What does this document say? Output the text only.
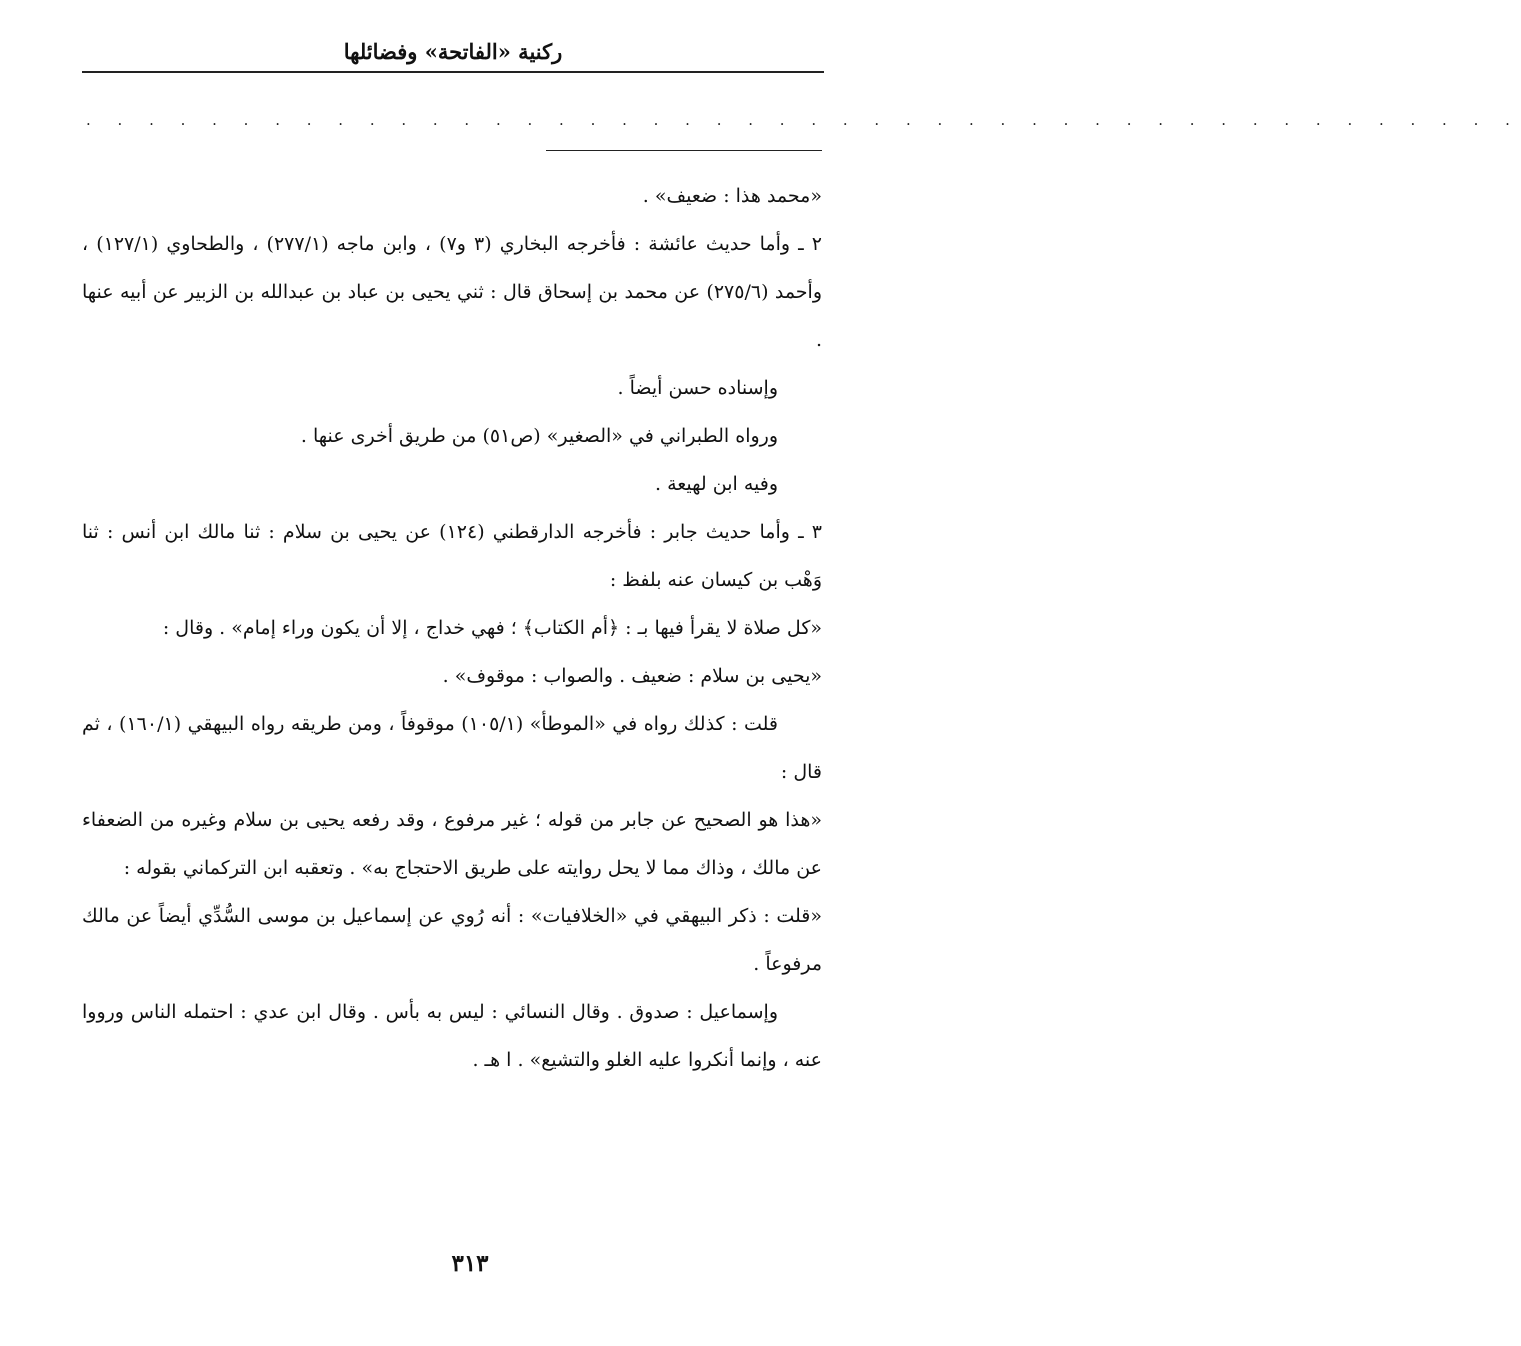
ركنية «الفاتحة» وفضائلها
· · · · · · · · · · · · · · · · · · · · · · · · · · · · · · · · · · · · · · · · · · · · · ·

«محمد هذا : ضعيف» .

٢ ـ وأما حديث عائشة : فأخرجه البخاري (٣ و٧) ، وابن ماجه (٢٧٧/١) ، والطحاوي (١٢٧/١) ، وأحمد (٢٧٥/٦) عن محمد بن إسحاق قال : ثني يحيى بن عباد بن عبدالله بن الزبير عن أبيه عنها .

وإسناده حسن أيضاً .

ورواه الطبراني في «الصغير» (ص٥١) من طريق أخرى عنها .

وفيه ابن لهيعة .

٣ ـ وأما حديث جابر : فأخرجه الدارقطني (١٢٤) عن يحيى بن سلام : ثنا مالك ابن أنس : ثنا وَهْب بن كيسان عنه بلفظ :

«كل صلاة لا يقرأ فيها بـ : ﴿أم الكتاب﴾ ؛ فهي خداج ، إلا أن يكون وراء إمام» . وقال :

«يحيى بن سلام : ضعيف . والصواب : موقوف» .

قلت : كذلك رواه في «الموطأ» (١٠٥/١) موقوفاً ، ومن طريقه رواه البيهقي (١٦٠/١) ، ثم قال :

«هذا هو الصحيح عن جابر من قوله ؛ غير مرفوع ، وقد رفعه يحيى بن سلام وغيره من الضعفاء عن مالك ، وذاك مما لا يحل روايته على طريق الاحتجاج به» . وتعقبه ابن التركماني بقوله :

«قلت : ذكر البيهقي في «الخلافيات» : أنه رُوي عن إسماعيل بن موسى السُّدِّي أيضاً عن مالك مرفوعاً .

وإسماعيل : صدوق . وقال النسائي : ليس به بأس . وقال ابن عدي : احتمله الناس ورووا عنه ، وإنما أنكروا عليه الغلو والتشيع» . ا هـ .

٣١٣
